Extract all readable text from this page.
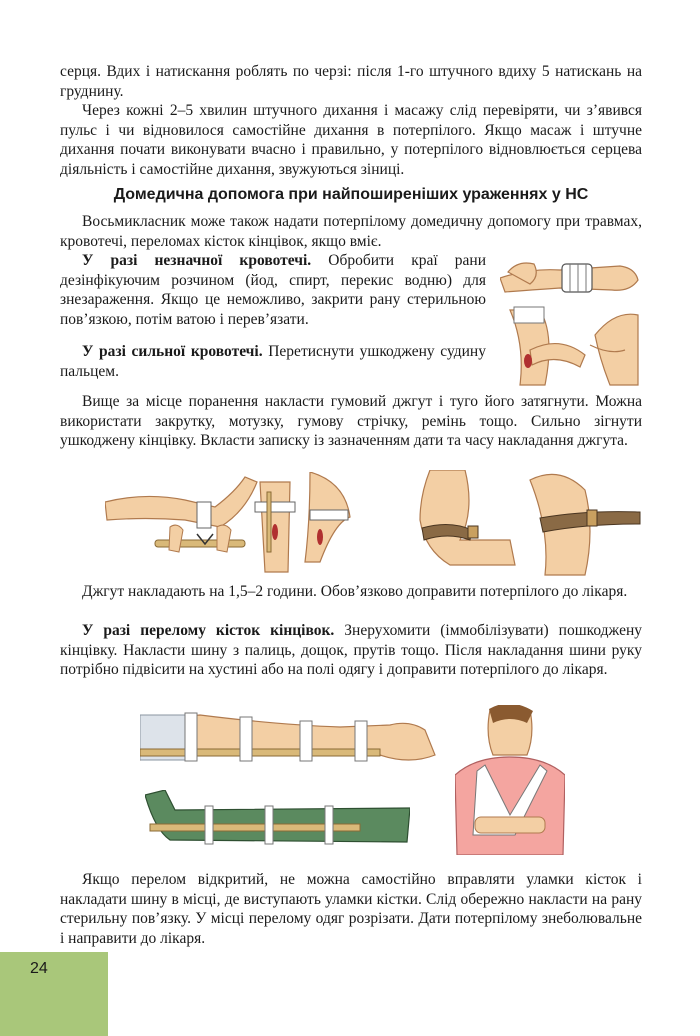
серця. Вдих і натискання роблять по черзі: після 1-го штучного вдиху 5 натискань на груднину.

Через кожні 2–5 хвилин штучного дихання і масажу слід перевіряти, чи з’явився пульс і чи відновилося самостійне дихання в потерпілого. Якщо масаж і штучне дихання почати виконувати вчасно і правильно, у потерпілого відновлюється серцева діяльність і самостійне дихання, звужуються зіниці.

Домедична допомога при найпоширеніших ураженнях у НС

Восьмикласник може також надати потерпілому домедичну допомогу при травмах, кровотечі, переломах кісток кінцівок, якщо вміє.

У разі незначної кровотечі. Обробити краї рани дезінфікуючим розчином (йод, спирт, перекис водню) для знезараження. Якщо це неможливо, закрити рану стерильною пов’язкою, потім ватою і перев’язати.

У разі сильної кровотечі. Перетиснути ушкоджену судину пальцем.

Вище за місце поранення накласти гумовий джгут і туго його затягнути. Можна використати закрутку, мотузку, гумову стрічку, ремінь тощо. Сильно зігнути ушкоджену кінцівку. Вкласти записку із зазначенням дати та часу накладання джгута.

Джгут накладають на 1,5–2 години. Обов’язково доправити потерпілого до лікаря.

У разі перелому кісток кінцівок. Знерухомити (іммобілізувати) пошкоджену кінцівку. Накласти шину з палиць, дощок, прутів тощо. Після накладання шини руку потрібно підвісити на хустині або на полі одягу і доправити потерпілого до лікаря.

Якщо перелом відкритий, не можна самостійно вправляти уламки кісток і накладати шину в місці, де виступають уламки кістки. Слід обережно накласти на рану стерильну пов’язку. У місці перелому одяг розрізати. Дати потерпілому знеболювальне і направити до лікаря.

24
